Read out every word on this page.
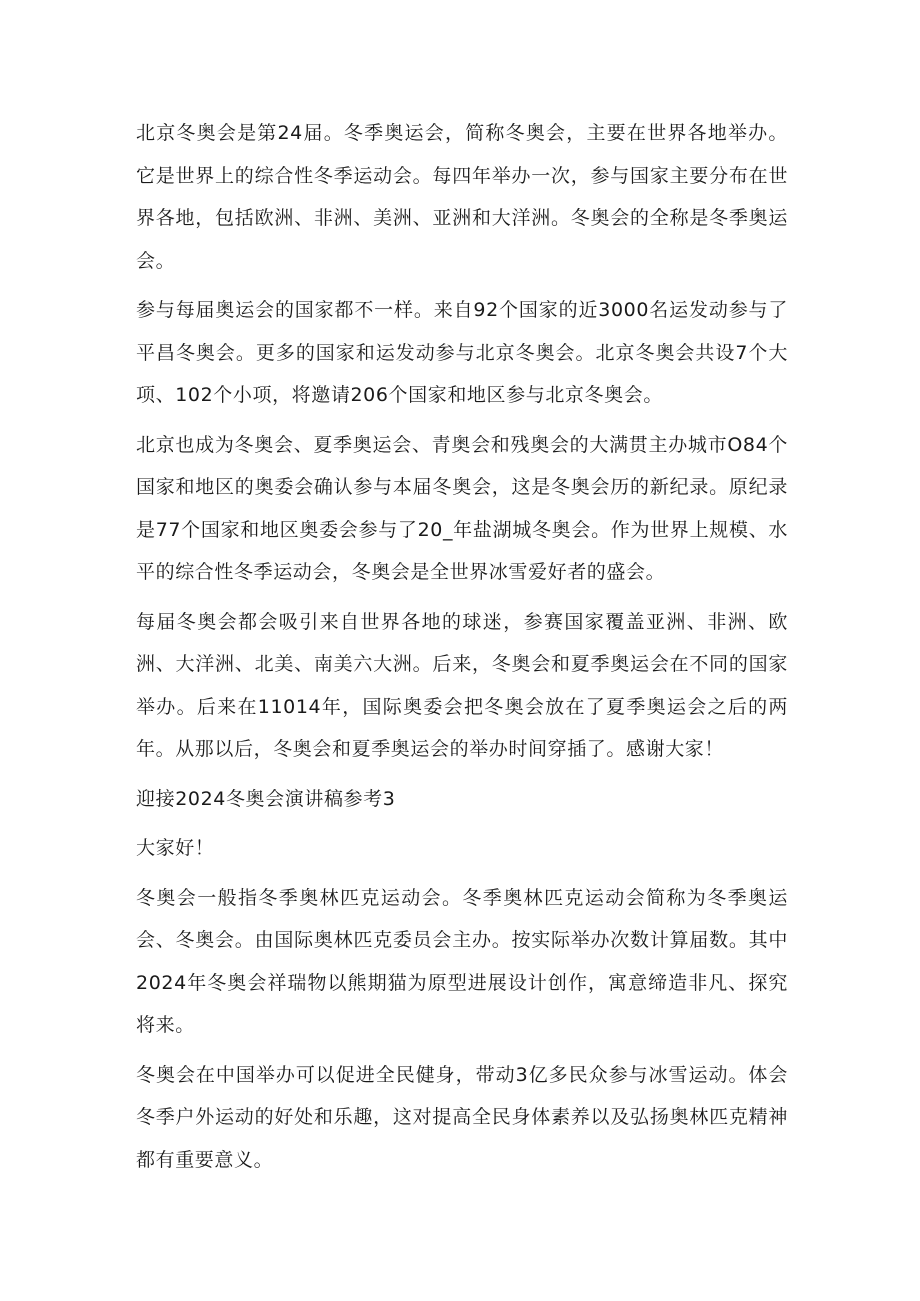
北京冬奥会是第24届。冬季奥运会，简称冬奥会，主要在世界各地举办。它是世界上的综合性冬季运动会。每四年举办一次，参与国家主要分布在世界各地，包括欧洲、非洲、美洲、亚洲和大洋洲。冬奥会的全称是冬季奥运会。

参与每届奥运会的国家都不一样。来自92个国家的近3000名运发动参与了平昌冬奥会。更多的国家和运发动参与北京冬奥会。北京冬奥会共设7个大项、102个小项，将邀请206个国家和地区参与北京冬奥会。

北京也成为冬奥会、夏季奥运会、青奥会和残奥会的大满贯主办城市O84个国家和地区的奥委会确认参与本届冬奥会，这是冬奥会历的新纪录。原纪录是77个国家和地区奥委会参与了20_年盐湖城冬奥会。作为世界上规模、水平的综合性冬季运动会，冬奥会是全世界冰雪爱好者的盛会。

每届冬奥会都会吸引来自世界各地的球迷，参赛国家覆盖亚洲、非洲、欧洲、大洋洲、北美、南美六大洲。后来，冬奥会和夏季奥运会在不同的国家举办。后来在11014年，国际奥委会把冬奥会放在了夏季奥运会之后的两年。从那以后，冬奥会和夏季奥运会的举办时间穿插了。感谢大家！

迎接2024冬奥会演讲稿参考3

大家好！

冬奥会一般指冬季奥林匹克运动会。冬季奥林匹克运动会简称为冬季奥运会、冬奥会。由国际奥林匹克委员会主办。按实际举办次数计算届数。其中2024年冬奥会祥瑞物以熊期猫为原型进展设计创作，寓意缔造非凡、探究将来。

冬奥会在中国举办可以促进全民健身，带动3亿多民众参与冰雪运动。体会冬季户外运动的好处和乐趣，这对提高全民身体素养以及弘扬奥林匹克精神都有重要意义。
